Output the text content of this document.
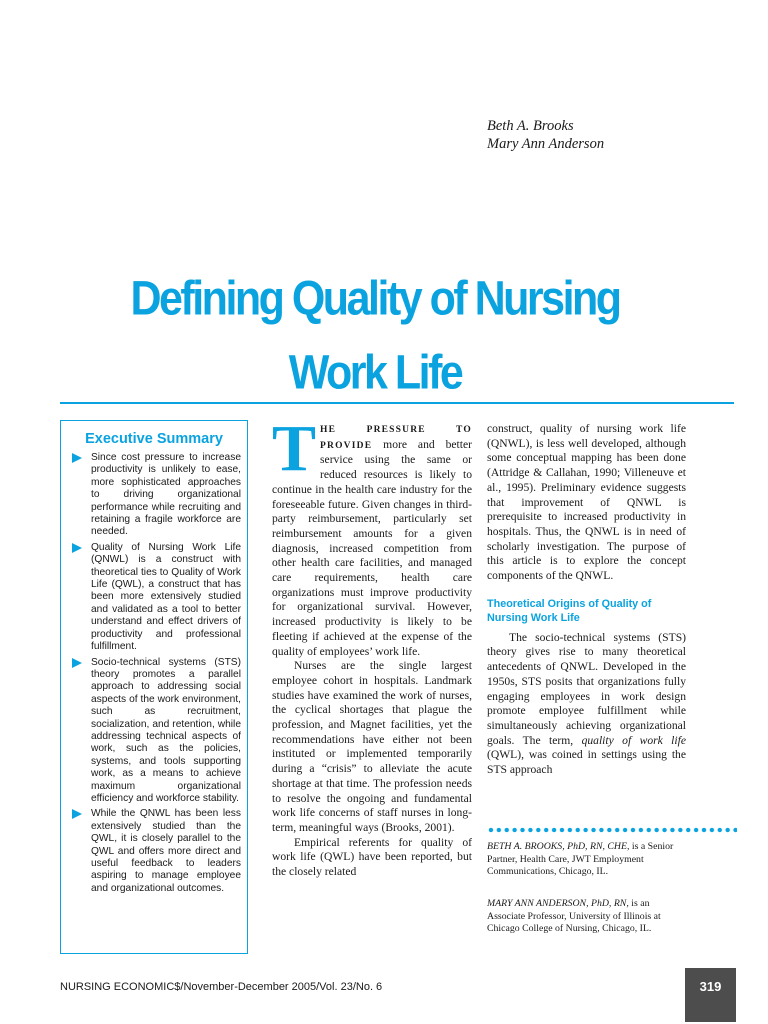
Beth A. Brooks
Mary Ann Anderson
Defining Quality of Nursing
Work Life
Executive Summary
Since cost pressure to increase productivity is unlikely to ease, more sophisticated approaches to driving organizational performance while recruiting and retaining a fragile workforce are needed.
Quality of Nursing Work Life (QNWL) is a construct with theoretical ties to Quality of Work Life (QWL), a construct that has been more extensively studied and validated as a tool to better understand and effect drivers of productivity and professional fulfillment.
Socio-technical systems (STS) theory promotes a parallel approach to addressing social aspects of the work environment, such as recruitment, socialization, and retention, while addressing technical aspects of work, such as the policies, systems, and tools supporting work, as a means to achieve maximum organizational efficiency and workforce stability.
While the QNWL has been less extensively studied than the QWL, it is closely parallel to the QWL and offers more direct and useful feedback to leaders aspiring to manage employee and organizational outcomes.

THE PRESSURE TO PROVIDE more and better service using the same or reduced resources is likely to continue in the health care industry for the foreseeable future. Given changes in third-party reimbursement, particularly set reimbursement amounts for a given diagnosis, increased competition from other health care facilities, and managed care requirements, health care organizations must improve productivity for organizational survival. However, increased productivity is likely to be fleeting if achieved at the expense of the quality of employees’ work life.

Nurses are the single largest employee cohort in hospitals. Landmark studies have examined the work of nurses, the cyclical shortages that plague the profession, and Magnet facilities, yet the recommendations have either not been instituted or implemented temporarily during a “crisis” to alleviate the acute shortage at that time. The profession needs to resolve the ongoing and fundamental work life concerns of staff nurses in long-term, meaningful ways (Brooks, 2001).

Empirical referents for quality of work life (QWL) have been reported, but the closely related

construct, quality of nursing work life (QNWL), is less well developed, although some conceptual mapping has been done (Attridge & Callahan, 1990; Villeneuve et al., 1995). Preliminary evidence suggests that improvement of QNWL is prerequisite to increased productivity in hospitals. Thus, the QNWL is in need of scholarly investigation. The purpose of this article is to explore the concept components of the QNWL.

Theoretical Origins of Quality of Nursing Work Life

The socio-technical systems (STS) theory gives rise to many theoretical antecedents of QNWL. Developed in the 1950s, STS posits that organizations fully engaging employees in work design promote employee fulfillment while simultaneously achieving organizational goals. The term, quality of work life (QWL), was coined in settings using the STS approach

BETH A. BROOKS, PhD, RN, CHE, is a Senior Partner, Health Care, JWT Employment Communications, Chicago, IL.
MARY ANN ANDERSON, PhD, RN, is an Associate Professor, University of Illinois at Chicago College of Nursing, Chicago, IL.
NURSING ECONOMIC$/November-December 2005/Vol. 23/No. 6	319
